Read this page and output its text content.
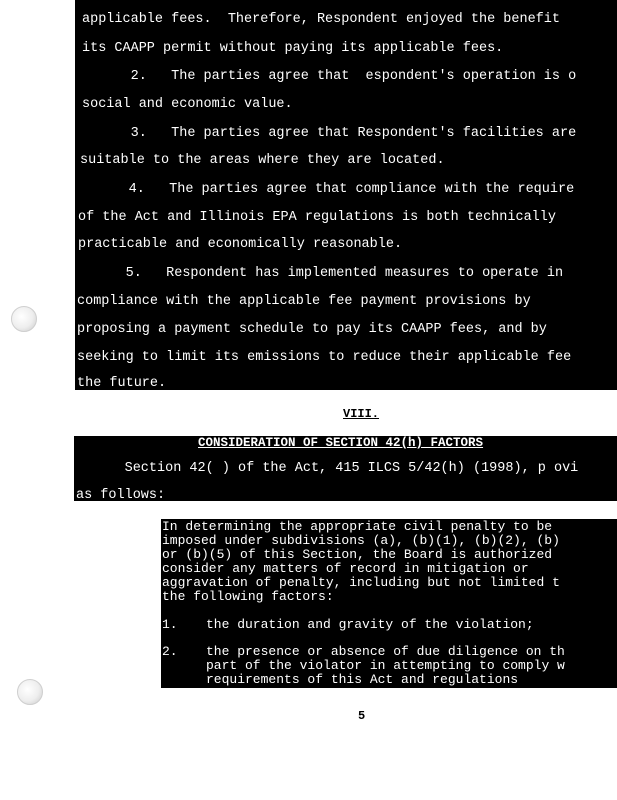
applicable fees.  Therefore, Respondent enjoyed the benefit
its CAAPP permit without paying its applicable fees.
2.   The parties agree that  espondent's operation is o
social and economic value.
3.   The parties agree that Respondent's facilities are
suitable to the areas where they are located.
4.   The parties agree that compliance with the require
of the Act and Illinois EPA regulations is both technically
practicable and economically reasonable.
5.   Respondent has implemented measures to operate in
compliance with the applicable fee payment provisions by
proposing a payment schedule to pay its CAAPP fees, and by
seeking to limit its emissions to reduce their applicable fee
the future.
VIII.
CONSIDERATION OF SECTION 42(h) FACTORS
Section 42( ) of the Act, 415 ILCS 5/42(h) (1998), p ovi
as follows:
In determining the appropriate civil penalty to be
imposed under subdivisions (a), (b)(1), (b)(2), (b)
or (b)(5) of this Section, the Board is authorized
consider any matters of record in mitigation or
aggravation of penalty, including but not limited t
the following factors:
1.	the duration and gravity of the violation;
2.	the presence or absence of due diligence on th
part of the violator in attempting to comply w
requirements of this Act and regulations
5
